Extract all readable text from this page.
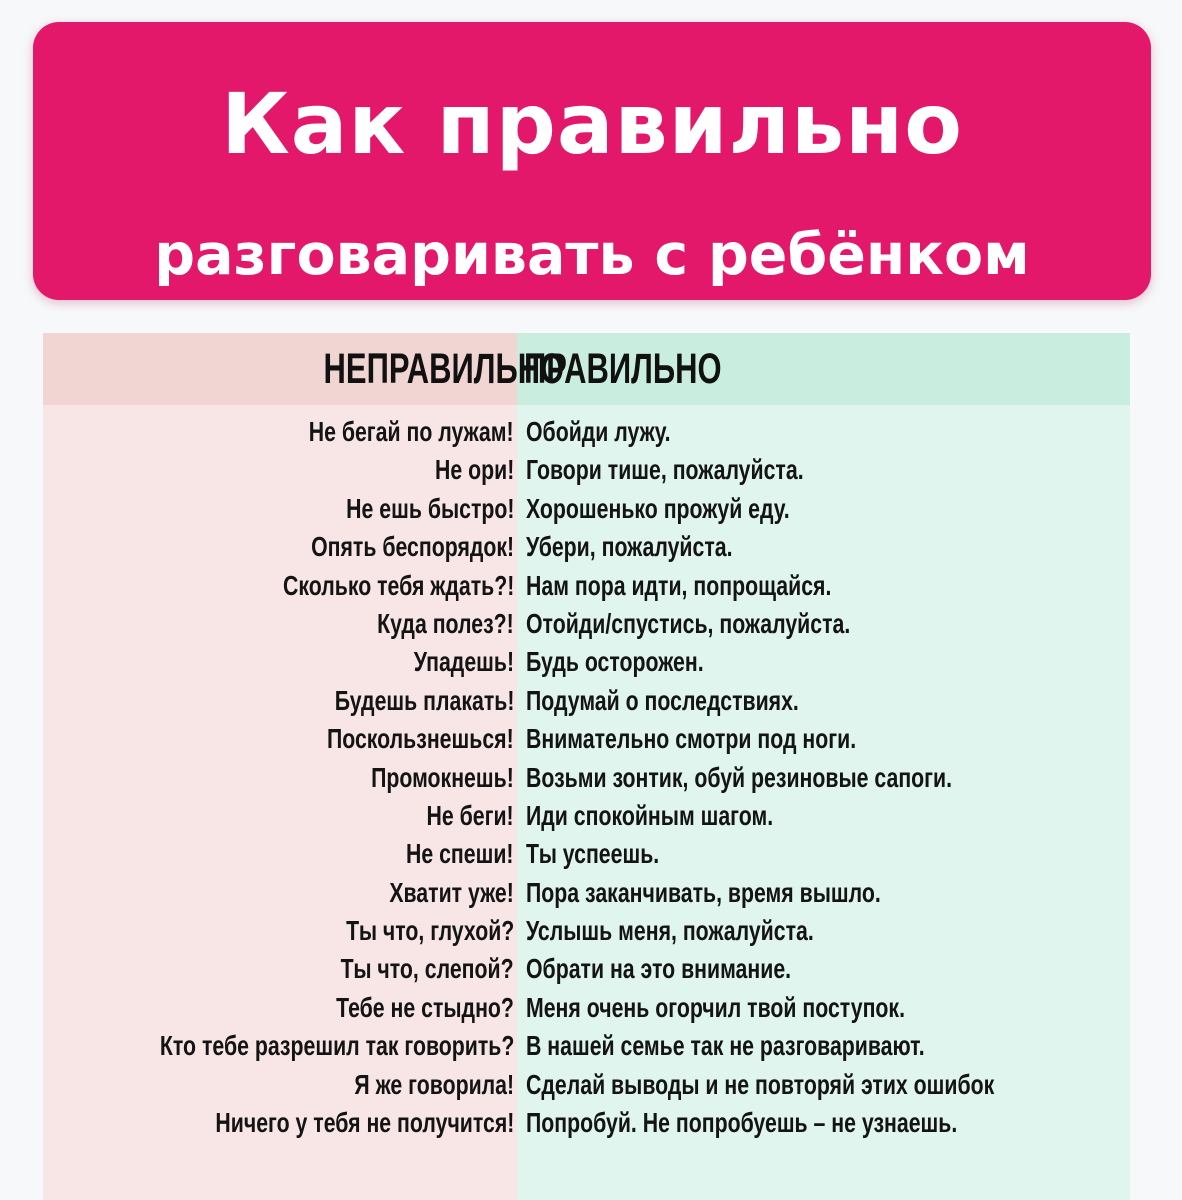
Как правильно
разговаривать с ребёнком
НЕПРАВИЛЬНО
ПРАВИЛЬНО
Не бегай по лужам! Обойди лужу.
Не ори! Говори тише, пожалуйста.
Не ешь быстро! Хорошенько прожуй еду.
Опять беспорядок! Убери, пожалуйста.
Сколько тебя ждать?! Нам пора идти, попрощайся.
Куда полез?! Отойди/спустись, пожалуйста.
Упадешь! Будь осторожен.
Будешь плакать! Подумай о последствиях.
Поскользнешься! Внимательно смотри под ноги.
Промокнешь! Возьми зонтик, обуй резиновые сапоги.
Не беги! Иди спокойным шагом.
Не спеши! Ты успеешь.
Хватит уже! Пора заканчивать, время вышло.
Ты что, глухой? Услышь меня, пожалуйста.
Ты что, слепой? Обрати на это внимание.
Тебе не стыдно? Меня очень огорчил твой поступок.
Кто тебе разрешил так говорить? В нашей семье так не разговаривают.
Я же говорила! Сделай выводы и не повторяй этих ошибок
Ничего у тебя не получится! Попробуй. Не попробуешь – не узнаешь.
